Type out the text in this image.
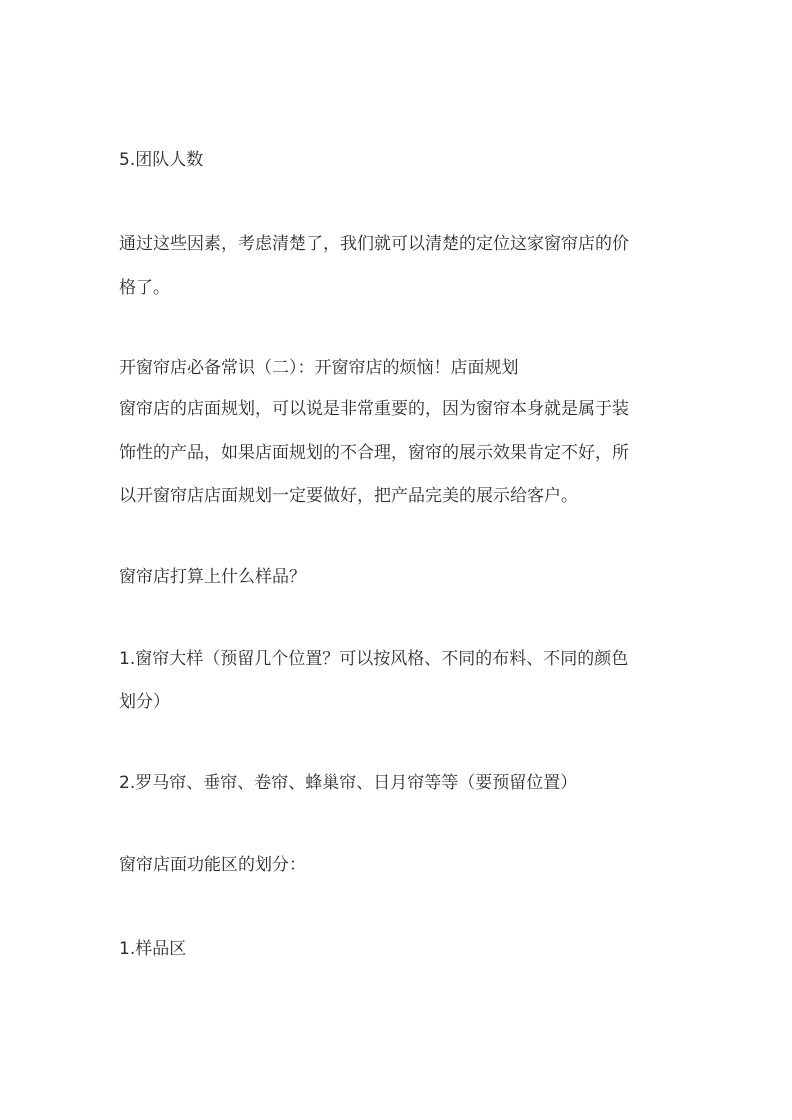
5.团队人数
通过这些因素，考虑清楚了，我们就可以清楚的定位这家窗帘店的价
格了。
开窗帘店必备常识（二）：开窗帘店的烦恼！店面规划
窗帘店的店面规划，可以说是非常重要的，因为窗帘本身就是属于装
饰性的产品，如果店面规划的不合理，窗帘的展示效果肯定不好，所
以开窗帘店店面规划一定要做好，把产品完美的展示给客户。
窗帘店打算上什么样品？
1.窗帘大样（预留几个位置？可以按风格、不同的布料、不同的颜色
划分）
2.罗马帘、垂帘、卷帘、蜂巢帘、日月帘等等（要预留位置）
窗帘店面功能区的划分：
1.样品区
